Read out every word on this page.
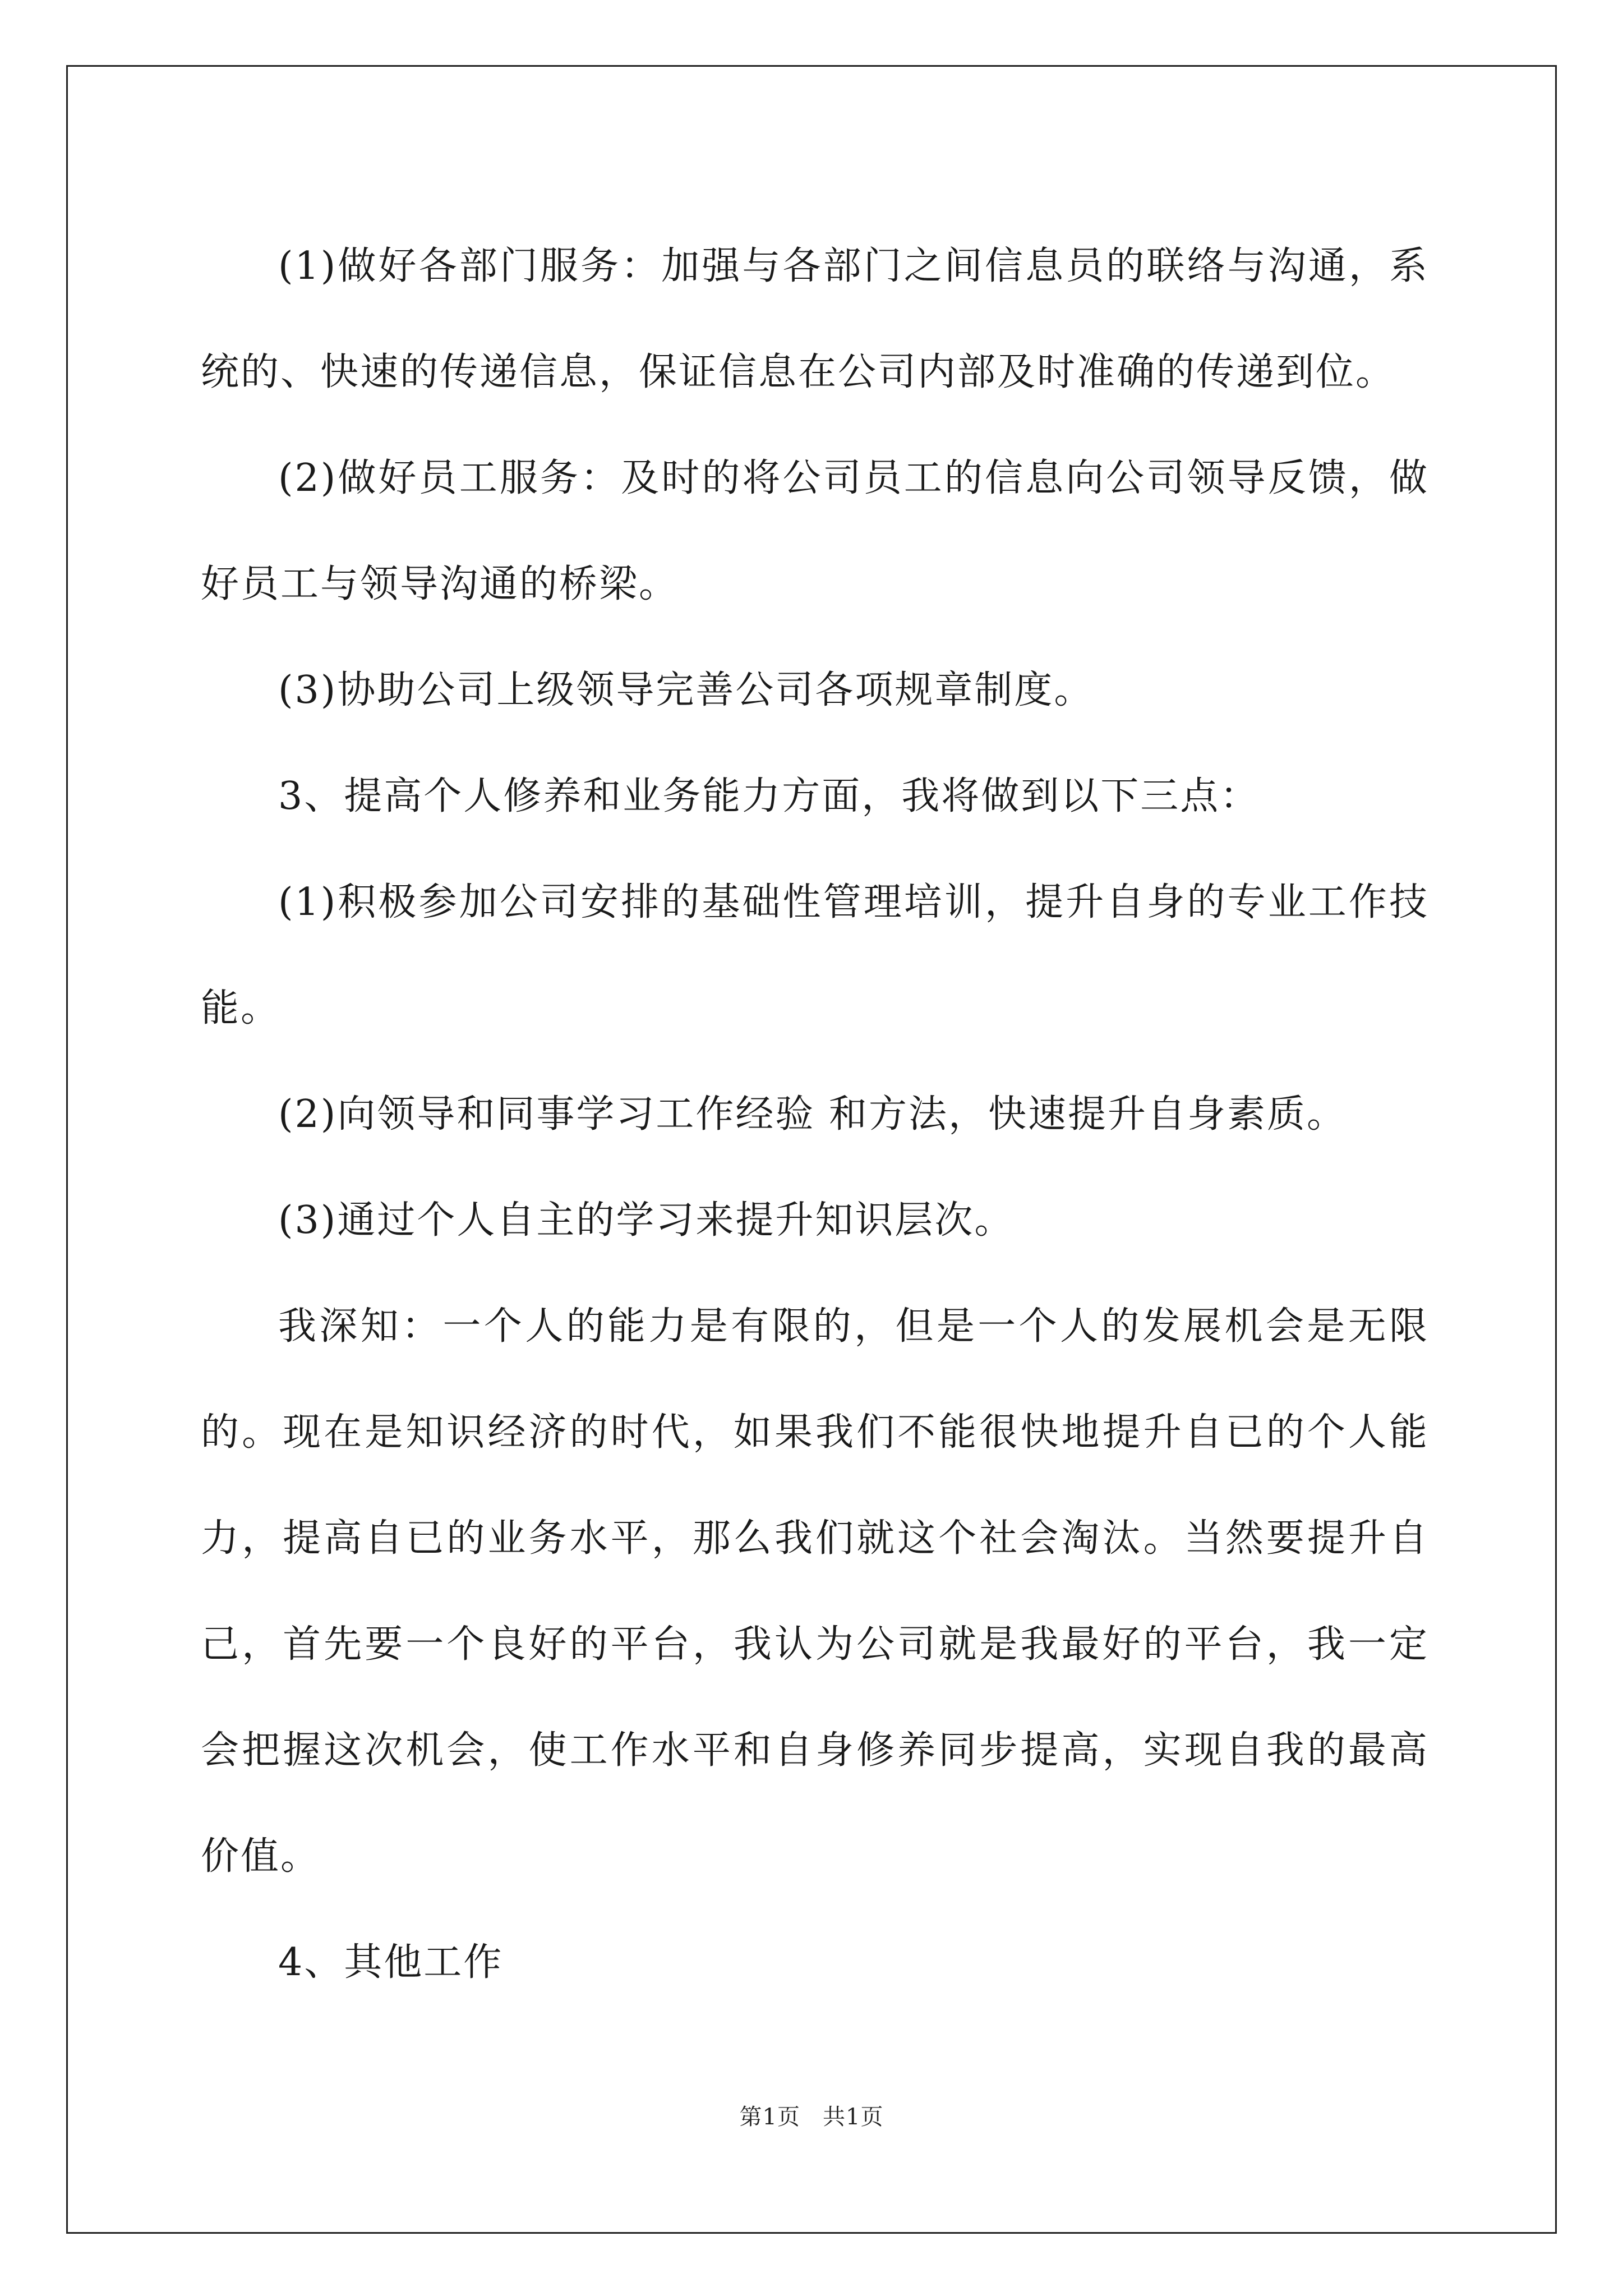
(1)做好各部门服务：加强与各部门之间信息员的联络与沟通，系统的、快速的传递信息，保证信息在公司内部及时准确的传递到位。

(2)做好员工服务：及时的将公司员工的信息向公司领导反馈，做好员工与领导沟通的桥梁。

(3)协助公司上级领导完善公司各项规章制度。

3、提高个人修养和业务能力方面，我将做到以下三点：

(1)积极参加公司安排的基础性管理培训，提升自身的专业工作技能。

(2)向领导和同事学习工作经验 和方法，快速提升自身素质。

(3)通过个人自主的学习来提升知识层次。

我深知：一个人的能力是有限的，但是一个人的发展机会是无限的。现在是知识经济的时代，如果我们不能很快地提升自已的个人能力，提高自已的业务水平，那么我们就这个社会淘汰。当然要提升自己，首先要一个良好的平台，我认为公司就是我最好的平台，我一定会把握这次机会，使工作水平和自身修养同步提高，实现自我的最高价值。

4、其他工作

第1页 共1页
